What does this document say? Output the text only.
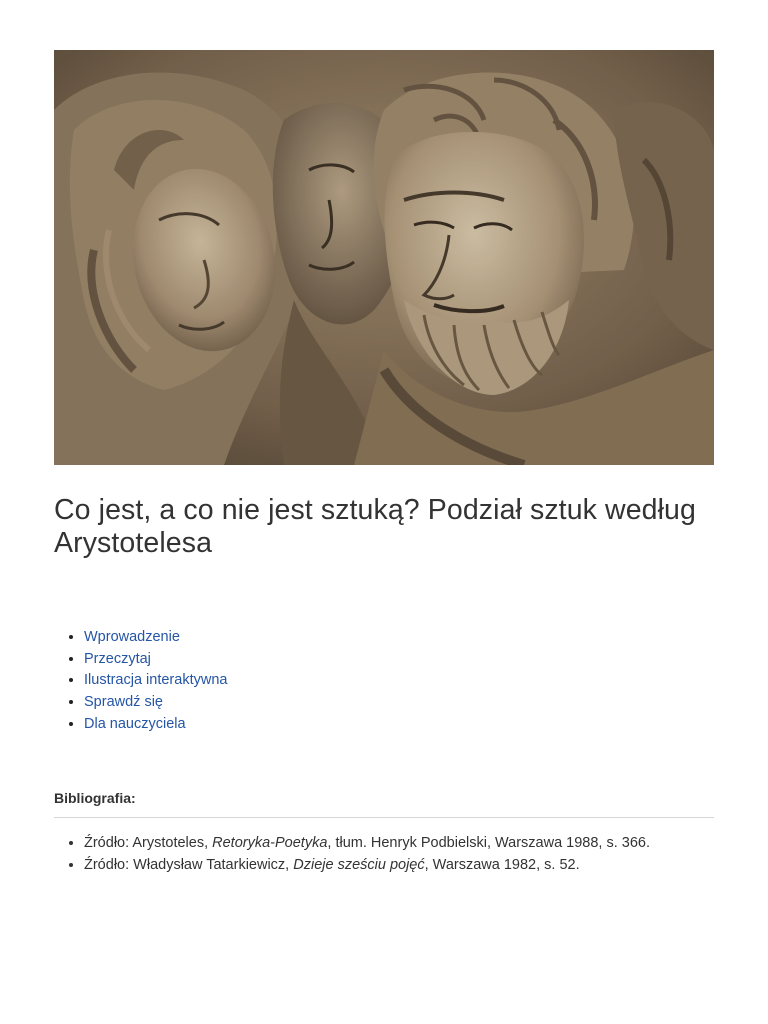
Co jest, a co nie jest sztuką? Podział sztuk według Arystotelesa
• Wprowadzenie
• Przeczytaj
• Ilustracja interaktywna
• Sprawdź się
• Dla nauczyciela
Bibliografia:
• Źródło: Arystoteles, Retoryka-Poetyka, tłum. Henryk Podbielski, Warszawa 1988, s. 366.
• Źródło: Władysław Tatarkiewicz, Dzieje sześciu pojęć, Warszawa 1982, s. 52.
